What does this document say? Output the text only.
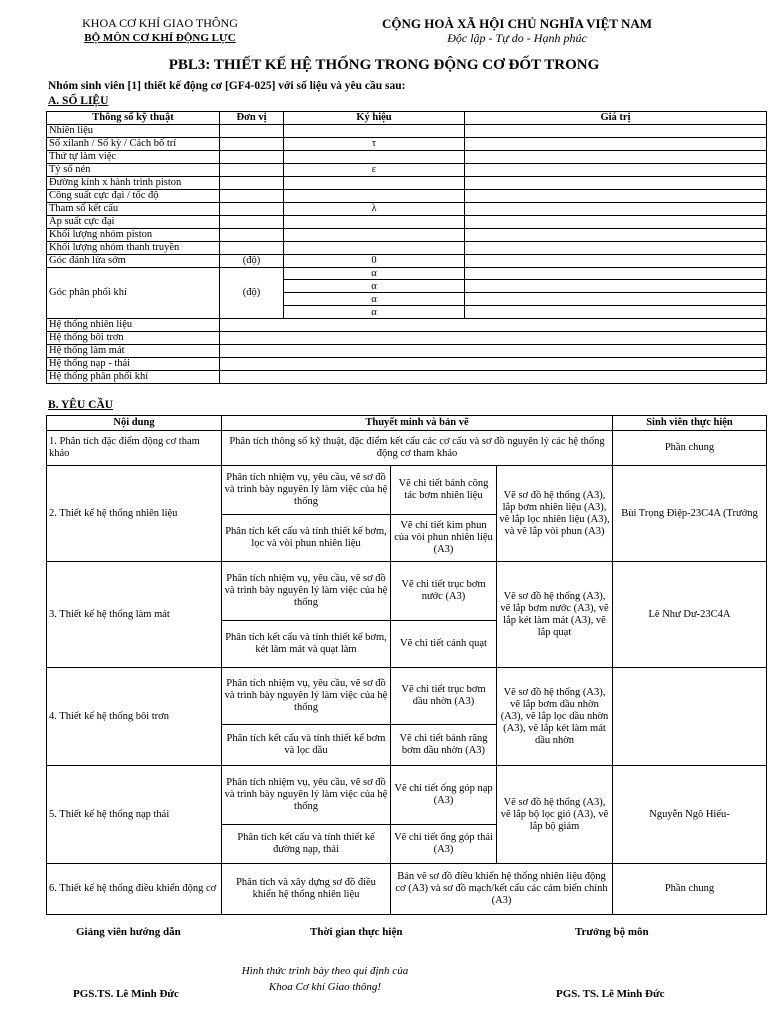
KHOA CƠ KHÍ GIAO THÔNG
BỘ MÔN CƠ KHÍ ĐỘNG LỰC
CỘNG HOÀ XÃ HỘI CHỦ NGHĨA VIỆT NAM
Độc lập - Tự do - Hạnh phúc
PBL3: THIẾT KẾ HỆ THỐNG TRONG ĐỘNG CƠ ĐỐT TRONG
Nhóm sinh viên [1] thiết kế động cơ [GF4-025] với số liệu và yêu cầu sau:
A. SỐ LIỆU
Thông số kỹ thuật	Đơn vị	Ký hiệu	Giá trị
Nhiên liệu			
Số xilanh / Số kỳ / Cách bố trí		τ	
Thứ tự làm việc			
Tỷ số nén		ε	
Đường kính x hành trình piston			
Công suất cực đại / tốc độ			
Tham số kết cấu		λ	
Áp suất cực đại			
Khối lượng nhóm piston			
Khối lượng nhóm thanh truyền			
Góc đánh lửa sớm	(độ)	0	
Góc phân phối khí	(độ)	α	
		α	
		α	
		α	
Hệ thống nhiên liệu			
Hệ thống bôi trơn			
Hệ thống làm mát			
Hệ thống nạp - thải			
Hệ thống phân phối khí			
B. YÊU CẦU
Nội dung	Thuyết minh và bản vẽ			Sinh viên thực hiện
1. Phân tích đặc điểm động cơ tham khảo	Phân tích thông số kỹ thuật, đặc điểm kết cấu các cơ cấu và sơ đồ nguyên lý các hệ thống động cơ tham khảo			Phần chung
2. Thiết kế hệ thống nhiên liệu	Phân tích nhiệm vụ, yêu cầu, vẽ sơ đồ và trình bày nguyên lý làm việc của hệ thống	Vẽ chi tiết bánh công tác bơm nhiên liệu	Vẽ sơ đồ hệ thống (A3), lắp bơm nhiên liệu (A3), vẽ lắp lọc nhiên liệu (A3), và vẽ lắp vòi phun (A3)	Bùi Trọng Điệp-23C4A (Trưởng
	Phân tích kết cấu và tính thiết kế bơm, lọc và vòi phun nhiên liệu	Vẽ chi tiết kim phun của vòi phun nhiên liệu (A3)		
3. Thiết kế hệ thống làm mát	Phân tích nhiệm vụ, yêu cầu, vẽ sơ đồ và trình bày nguyên lý làm việc của hệ thống	Vẽ chi tiết trục bơm nước (A3)	Vẽ sơ đồ hệ thống (A3), vẽ lắp bơm nước (A3), vẽ lắp két làm mát (A3), vẽ lắp quạt	Lê Như Dư-23C4A
	Phân tích kết cấu và tính thiết kế bơm, két làm mát và quạt làm	Vẽ chi tiết cánh quạt		
4. Thiết kế hệ thống bôi trơn	Phân tích nhiệm vụ, yêu cầu, vẽ sơ đồ và trình bày nguyên lý làm việc của hệ thống	Vẽ chi tiết trục bơm dầu nhờn (A3)	Vẽ sơ đồ hệ thống (A3), vẽ lắp bơm dầu nhờn (A3), vẽ lắp lọc dầu nhờn (A3), vẽ lắp két làm mát dầu nhờn	
	Phân tích kết cấu và tính thiết kế bơm và lọc dầu	Vẽ chi tiết bánh răng bơm dầu nhờn (A3)		
5. Thiết kế hệ thống nạp thải	Phân tích nhiệm vụ, yêu cầu, vẽ sơ đồ và trình bày nguyên lý làm việc của hệ thống	Vẽ chi tiết ống góp nạp (A3)	Vẽ sơ đồ hệ thống (A3), vẽ lắp bộ lọc gió (A3), vẽ lắp bộ giảm	Nguyễn Ngô Hiếu-
	Phân tích kết cấu và tính thiết kế đường nạp, thải	Vẽ chi tiết ống góp thải (A3)		
6. Thiết kế hệ thống điều khiển động cơ	Phân tích và xây dựng sơ đồ điều khiển hệ thống nhiên liệu	Bản vẽ sơ đồ điều khiển hệ thống nhiên liệu động cơ (A3) và sơ đồ mạch/kết cấu các cảm biến chính (A3)		Phần chung
Giảng viên hướng dẫn	Thời gian thực hiện	Trưởng bộ môn
Hình thức trình bày theo qui định của
Khoa Cơ khí Giao thông!
PGS.TS. Lê Minh Đức	PGS. TS. Lê Minh Đức
